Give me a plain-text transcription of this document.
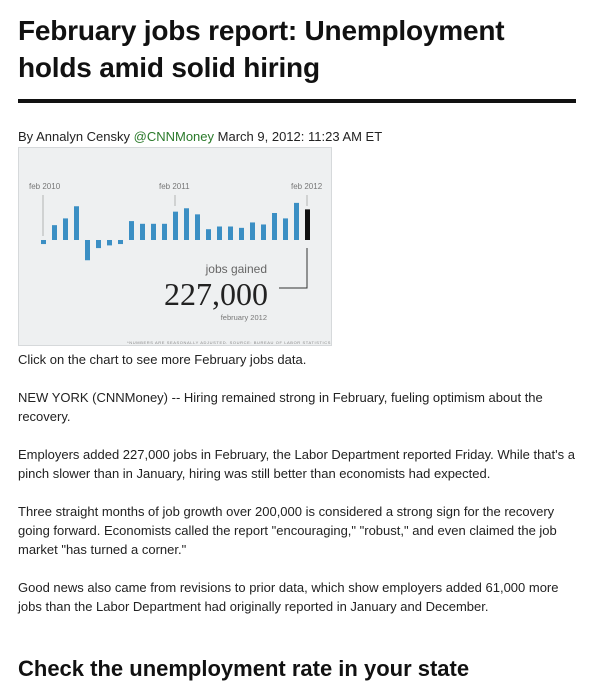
February jobs report: Unemployment holds amid solid hiring
By Annalyn Censky @CNNMoney March 9, 2012: 11:23 AM ET
feb 2010	feb 2011	feb 2012
jobs gained
227,000
february 2012
*NUMBERS ARE SEASONALLY ADJUSTED. SOURCE: BUREAU OF LABOR STATISTICS
Click on the chart to see more February jobs data.

NEW YORK (CNNMoney) -- Hiring remained strong in February, fueling optimism about the recovery.

Employers added 227,000 jobs in February, the Labor Department reported Friday. While that's a pinch slower than in January, hiring was still better than economists had expected.

Three straight months of job growth over 200,000 is considered a strong sign for the recovery going forward. Economists called the report "encouraging," "robust," and even claimed the job market "has turned a corner."

Good news also came from revisions to prior data, which show employers added 61,000 more jobs than the Labor Department had originally reported in January and December.

Check the unemployment rate in your state
